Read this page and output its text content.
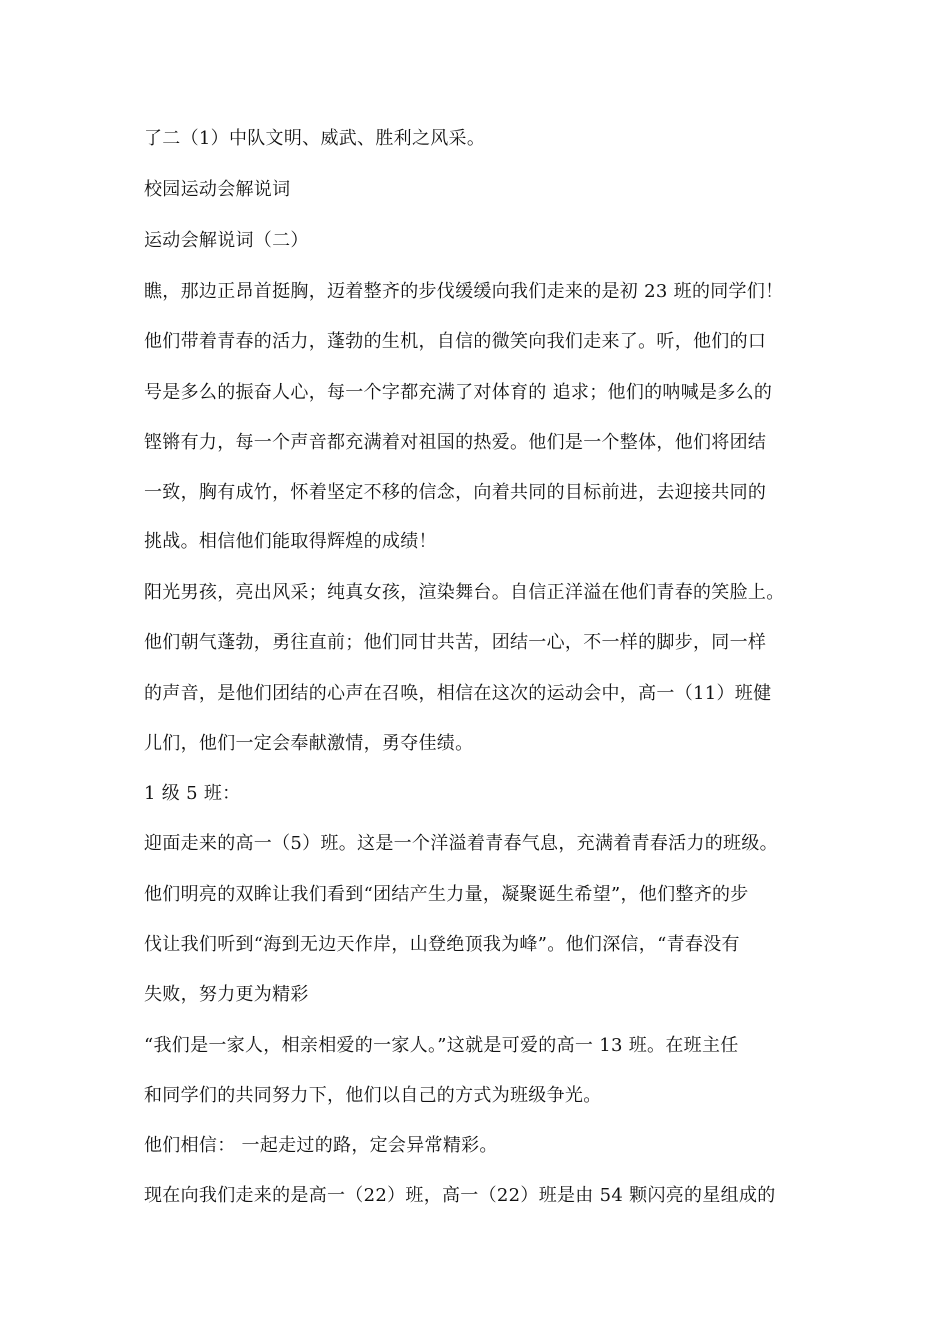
了二（1）中队文明、威武、胜利之风采。
校园运动会解说词
运动会解说词（二）
瞧，那边正昂首挺胸，迈着整齐的步伐缓缓向我们走来的是初 23 班的同学们！
他们带着青春的活力，蓬勃的生机，自信的微笑向我们走来了。听，他们的口
号是多么的振奋人心，每一个字都充满了对体育的 追求；他们的呐喊是多么的
铿锵有力，每一个声音都充满着对祖国的热爱。他们是一个整体，他们将团结
一致，胸有成竹，怀着坚定不移的信念，向着共同的目标前进，去迎接共同的
挑战。相信他们能取得辉煌的成绩！
阳光男孩，亮出风采；纯真女孩，渲染舞台。自信正洋溢在他们青春的笑脸上。
他们朝气蓬勃，勇往直前；他们同甘共苦，团结一心，不一样的脚步，同一样
的声音，是他们团结的心声在召唤，相信在这次的运动会中，高一（11）班健
儿们，他们一定会奉献激情，勇夺佳绩。
1 级 5 班：
迎面走来的高一（5）班。这是一个洋溢着青春气息，充满着青春活力的班级。
他们明亮的双眸让我们看到“团结产生力量，凝聚诞生希望”，他们整齐的步
伐让我们听到“海到无边天作岸，山登绝顶我为峰”。他们深信，“青春没有
失败，努力更为精彩
“我们是一家人，相亲相爱的一家人。”这就是可爱的高一 13 班。在班主任
和同学们的共同努力下，他们以自己的方式为班级争光。
他们相信： 一起走过的路，定会异常精彩。
现在向我们走来的是高一（22）班，高一（22）班是由 54 颗闪亮的星组成的
